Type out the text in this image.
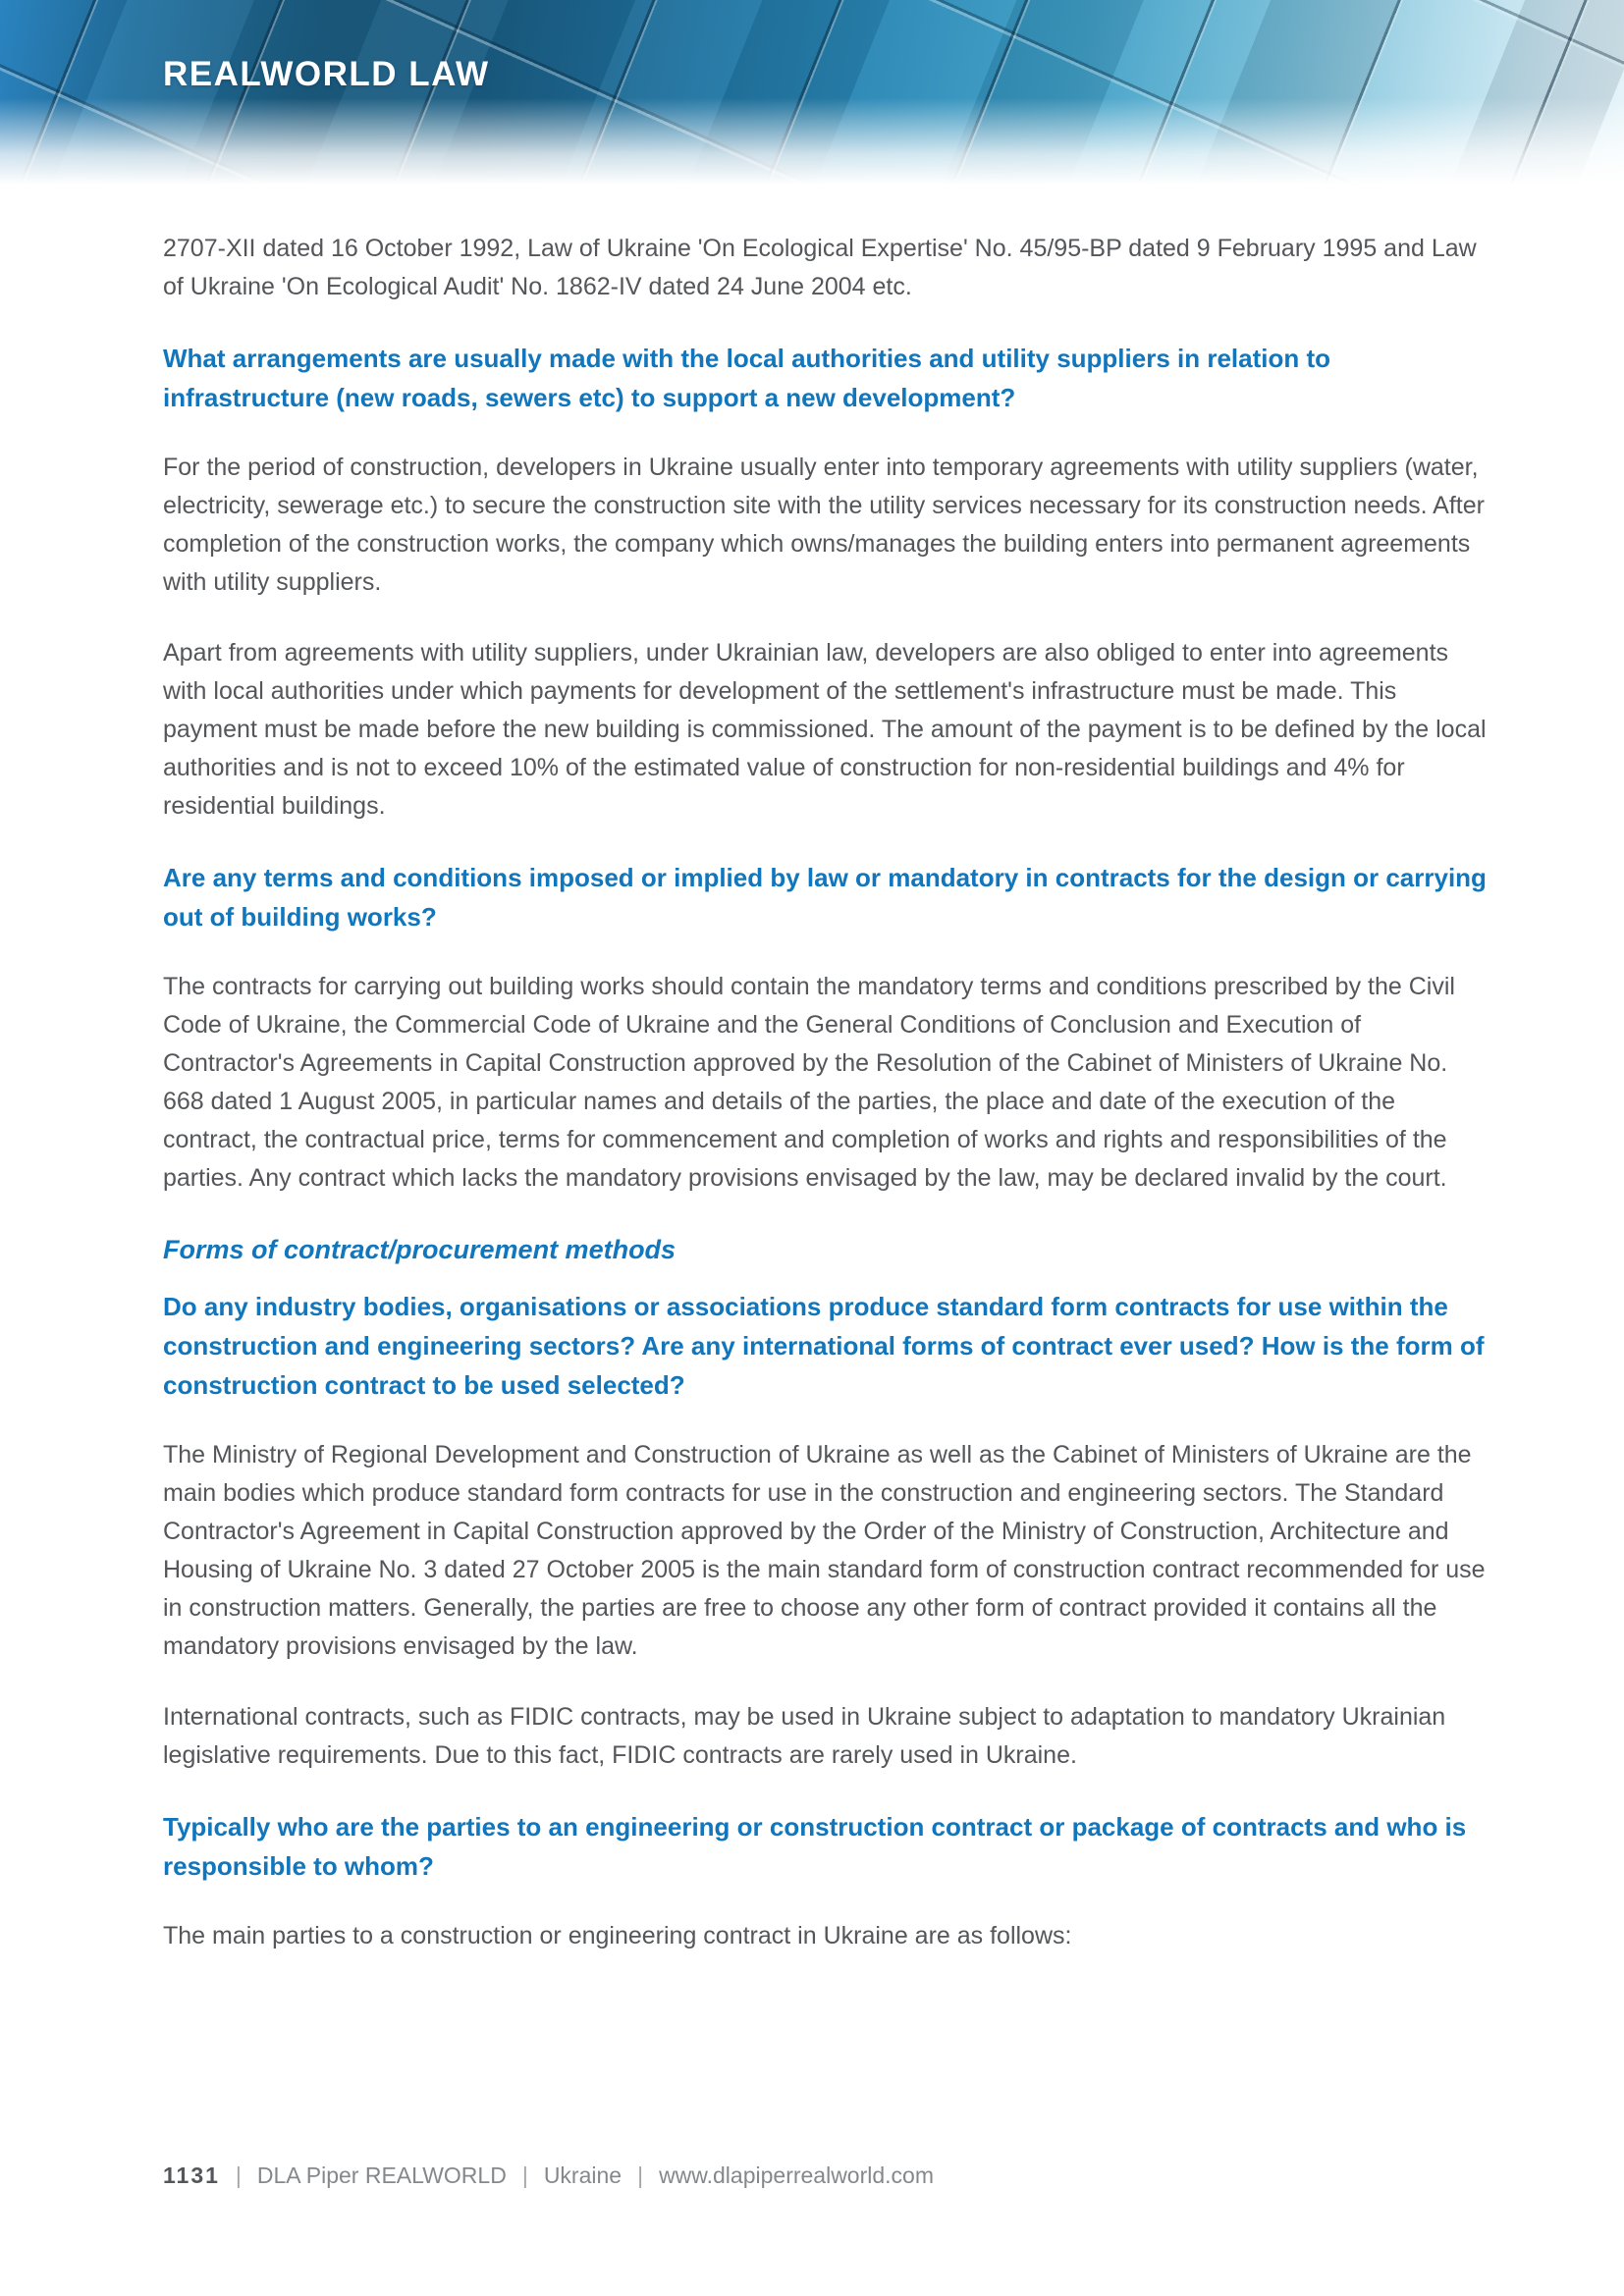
REALWORLD LAW

2707-XII dated 16 October 1992, Law of Ukraine 'On Ecological Expertise' No. 45/95-BP dated 9 February 1995 and Law of Ukraine 'On Ecological Audit' No. 1862-IV dated 24 June 2004 etc.

What arrangements are usually made with the local authorities and utility suppliers in relation to infrastructure (new roads, sewers etc) to support a new development?

For the period of construction, developers in Ukraine usually enter into temporary agreements with utility suppliers (water, electricity, sewerage etc.) to secure the construction site with the utility services necessary for its construction needs. After completion of the construction works, the company which owns/manages the building enters into permanent agreements with utility suppliers.

Apart from agreements with utility suppliers, under Ukrainian law, developers are also obliged to enter into agreements with local authorities under which payments for development of the settlement's infrastructure must be made. This payment must be made before the new building is commissioned. The amount of the payment is to be defined by the local authorities and is not to exceed 10% of the estimated value of construction for non-residential buildings and 4% for residential buildings.

Are any terms and conditions imposed or implied by law or mandatory in contracts for the design or carrying out of building works?

The contracts for carrying out building works should contain the mandatory terms and conditions prescribed by the Civil Code of Ukraine, the Commercial Code of Ukraine and the General Conditions of Conclusion and Execution of Contractor's Agreements in Capital Construction approved by the Resolution of the Cabinet of Ministers of Ukraine No. 668 dated 1 August 2005, in particular names and details of the parties, the place and date of the execution of the contract, the contractual price, terms for commencement and completion of works and rights and responsibilities of the parties. Any contract which lacks the mandatory provisions envisaged by the law, may be declared invalid by the court.

Forms of contract/procurement methods
Do any industry bodies, organisations or associations produce standard form contracts for use within the construction and engineering sectors? Are any international forms of contract ever used? How is the form of construction contract to be used selected?

The Ministry of Regional Development and Construction of Ukraine as well as the Cabinet of Ministers of Ukraine are the main bodies which produce standard form contracts for use in the construction and engineering sectors. The Standard Contractor's Agreement in Capital Construction approved by the Order of the Ministry of Construction, Architecture and Housing of Ukraine No. 3 dated 27 October 2005 is the main standard form of construction contract recommended for use in construction matters. Generally, the parties are free to choose any other form of contract provided it contains all the mandatory provisions envisaged by the law.

International contracts, such as FIDIC contracts, may be used in Ukraine subject to adaptation to mandatory Ukrainian legislative requirements. Due to this fact, FIDIC contracts are rarely used in Ukraine.

Typically who are the parties to an engineering or construction contract or package of contracts and who is responsible to whom?

The main parties to a construction or engineering contract in Ukraine are as follows:

1131 | DLA Piper REALWORLD | Ukraine | www.dlapiperrealworld.com
